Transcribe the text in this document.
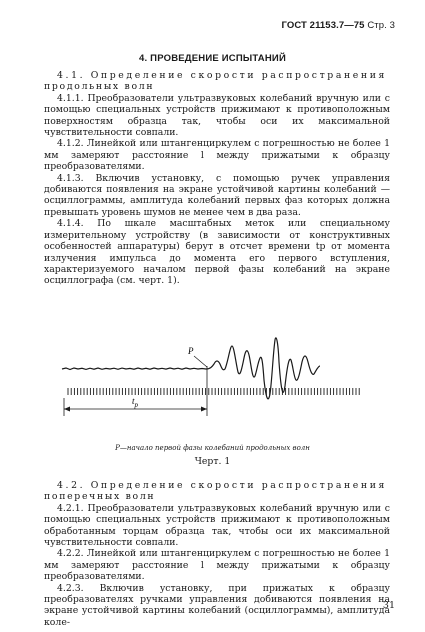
ГОСТ 21153.7—75 Стр. 3
4. ПРОВЕДЕНИЕ ИСПЫТАНИЙ

4.1. Определение скорости распространения

продольных волн

4.1.1. Преобразователи ультразвуковых колебаний вручную или с помощью специальных устройств прижимают к противоположным поверхностям образца так, чтобы оси их максимальной чувствительности совпали.

4.1.2. Линейкой или штангенциркулем с погрешностью не более 1 мм замеряют расстояние l между прижатыми к образцу преобразователями.

4.1.3. Включив установку, с помощью ручек управления добиваются появления на экране устойчивой картины колебаний — осциллограммы, амплитуда колебаний первых фаз которых должна превышать уровень шумов не менее чем в два раза.

4.1.4. По шкале масштабных меток или специальному измерительному устройству (в зависимости от конструктивных особенностей аппаратуры) берут в отсчет времени tр от момента излучения импульса до момента его первого вступления, характеризуемого началом первой фазы колебаний на экране осциллографа (см. черт. 1).

P
$t_р$
P—начало первой фазы колебаний продольных волн
Черт. 1

4.2. Определение скорости распространения

поперечных волн

4.2.1. Преобразователи ультразвуковых колебаний вручную или с помощью специальных устройств прижимают к противоположным обработанным торцам образца так, чтобы оси их максимальной чувствительности совпали.

4.2.2. Линейкой или штангенциркулем с погрешностью не более 1 мм замеряют расстояние l между прижатыми к образцу преобразователями.

4.2.3. Включив установку, при прижатых к образцу преобразователях ручками управления добиваются появления на экране устойчивой картины колебаний (осциллограммы), амплитуда коле-

31
